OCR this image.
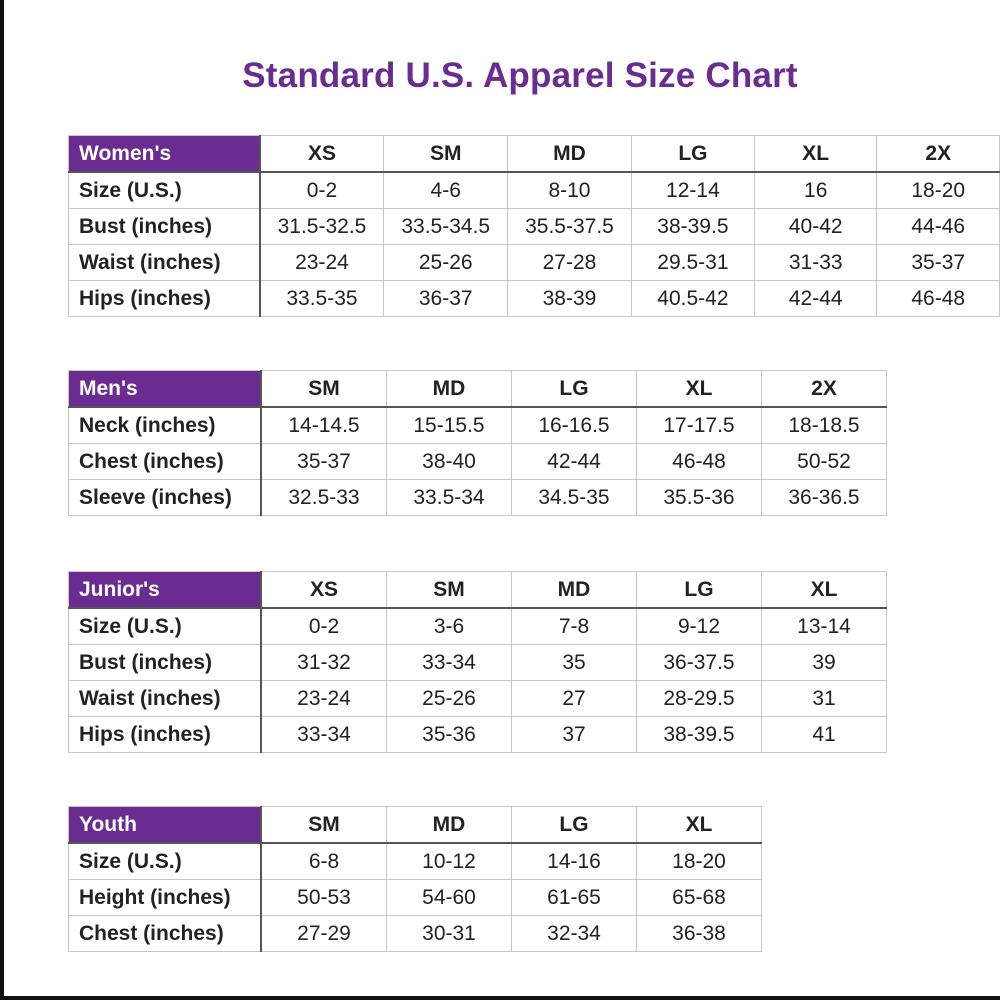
Standard U.S. Apparel Size Chart
Women's	XS	SM	MD	LG	XL	2X
Size (U.S.)	0-2	4-6	8-10	12-14	16	18-20
Bust (inches)	31.5-32.5	33.5-34.5	35.5-37.5	38-39.5	40-42	44-46
Waist (inches)	23-24	25-26	27-28	29.5-31	31-33	35-37
Hips (inches)	33.5-35	36-37	38-39	40.5-42	42-44	46-48
Men's	SM	MD	LG	XL	2X
Neck (inches)	14-14.5	15-15.5	16-16.5	17-17.5	18-18.5
Chest (inches)	35-37	38-40	42-44	46-48	50-52
Sleeve (inches)	32.5-33	33.5-34	34.5-35	35.5-36	36-36.5
Junior's	XS	SM	MD	LG	XL
Size (U.S.)	0-2	3-6	7-8	9-12	13-14
Bust (inches)	31-32	33-34	35	36-37.5	39
Waist (inches)	23-24	25-26	27	28-29.5	31
Hips (inches)	33-34	35-36	37	38-39.5	41
Youth	SM	MD	LG	XL
Size (U.S.)	6-8	10-12	14-16	18-20
Height (inches)	50-53	54-60	61-65	65-68
Chest (inches)	27-29	30-31	32-34	36-38
